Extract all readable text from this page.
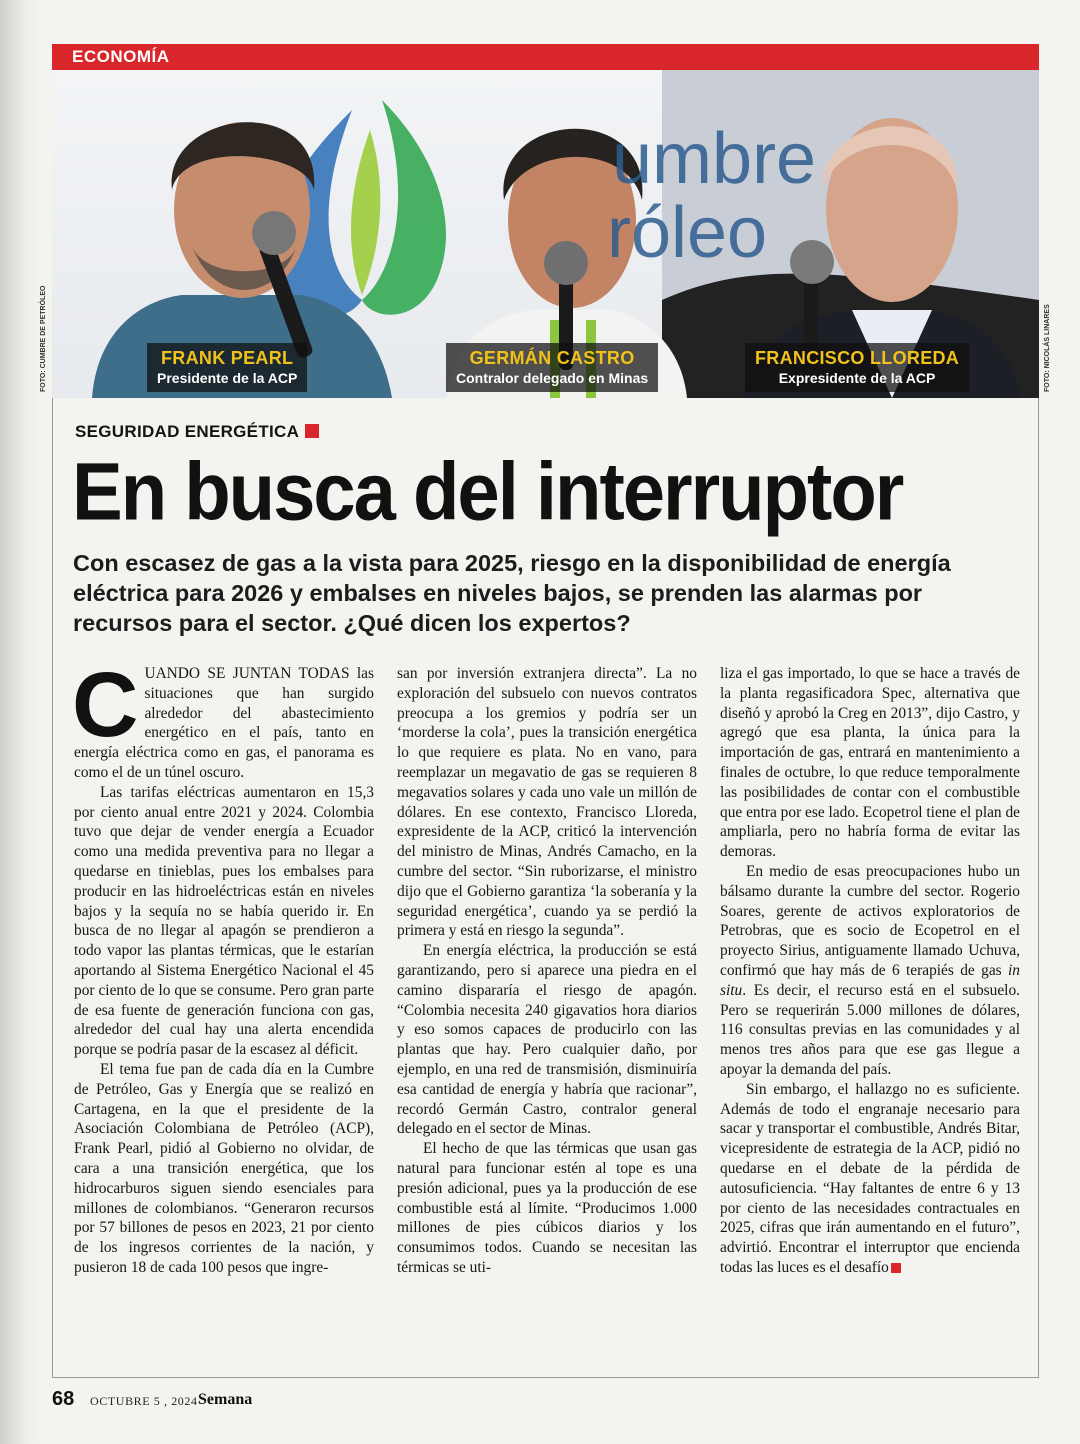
ECONOMÍA
umbre
róleo
FRANK PEARL
Presidente de la ACP
GERMÁN CASTRO
Contralor delegado en Minas
FRANCISCO LLOREDA
Expresidente de la ACP
FOTO: CUMBRE DE PETRÓLEO	FOTO: NICOLÁS LINARES
SEGURIDAD ENERGÉTICA
En busca del interruptor
Con escasez de gas a la vista para 2025, riesgo en la disponibilidad de energía eléctrica para 2026 y embalses en niveles bajos, se prenden las alarmas por recursos para el sector. ¿Qué dicen los expertos?

CUANDO SE JUNTAN TODAS las situaciones que han surgido alrededor del abastecimiento energético en el país, tanto en energía eléctrica como en gas, el panorama es como el de un túnel oscuro.

Las tarifas eléctricas aumentaron en 15,3 por ciento anual entre 2021 y 2024. Colombia tuvo que dejar de vender energía a Ecuador como una medida preventiva para no llegar a quedarse en tinieblas, pues los embalses para producir en las hidroeléctricas están en niveles bajos y la sequía no se había querido ir. En busca de no llegar al apagón se prendieron a todo vapor las plantas térmicas, que le estarían aportando al Sistema Energético Nacional el 45 por ciento de lo que se consume. Pero gran parte de esa fuente de generación funciona con gas, alrededor del cual hay una alerta encendida porque se podría pasar de la escasez al déficit.

El tema fue pan de cada día en la Cumbre de Petróleo, Gas y Energía que se realizó en Cartagena, en la que el presidente de la Asociación Colombiana de Petróleo (ACP), Frank Pearl, pidió al Gobierno no olvidar, de cara a una transición energética, que los hidrocarburos siguen siendo esenciales para millones de colombianos. “Generaron recursos por 57 billones de pesos en 2023, 21 por ciento de los ingresos corrientes de la nación, y pusieron 18 de cada 100 pesos que ingre-

san por inversión extranjera directa”. La no exploración del subsuelo con nuevos contratos preocupa a los gremios y podría ser un ‘morderse la cola’, pues la transición energética lo que requiere es plata. No en vano, para reemplazar un megavatio de gas se requieren 8 megavatios solares y cada uno vale un millón de dólares. En ese contexto, Francisco Lloreda, expresidente de la ACP, criticó la intervención del ministro de Minas, Andrés Camacho, en la cumbre del sector. “Sin ruborizarse, el ministro dijo que el Gobierno garantiza ‘la soberanía y la seguridad energética’, cuando ya se perdió la primera y está en riesgo la segunda”.

En energía eléctrica, la producción se está garantizando, pero si aparece una piedra en el camino dispararía el riesgo de apagón. “Colombia necesita 240 gigavatios hora diarios y eso somos capaces de producirlo con las plantas que hay. Pero cualquier daño, por ejemplo, en una red de transmisión, disminuiría esa cantidad de energía y habría que racionar”, recordó Germán Castro, contralor general delegado en el sector de Minas.

El hecho de que las térmicas que usan gas natural para funcionar estén al tope es una presión adicional, pues ya la producción de ese combustible está al límite. “Producimos 1.000 millones de pies cúbicos diarios y los consumimos todos. Cuando se necesitan las térmicas se uti-

liza el gas importado, lo que se hace a través de la planta regasificadora Spec, alternativa que diseñó y aprobó la Creg en 2013”, dijo Castro, y agregó que esa planta, la única para la importación de gas, entrará en mantenimiento a finales de octubre, lo que reduce temporalmente las posibilidades de contar con el combustible que entra por ese lado. Ecopetrol tiene el plan de ampliarla, pero no habría forma de evitar las demoras.

En medio de esas preocupaciones hubo un bálsamo durante la cumbre del sector. Rogerio Soares, gerente de activos exploratorios de Petrobras, que es socio de Ecopetrol en el proyecto Sirius, antiguamente llamado Uchuva, confirmó que hay más de 6 terapiés de gas in situ. Es decir, el recurso está en el subsuelo. Pero se requerirán 5.000 millones de dólares, 116 consultas previas en las comunidades y al menos tres años para que ese gas llegue a apoyar la demanda del país.

Sin embargo, el hallazgo no es suficiente. Además de todo el engranaje necesario para sacar y transportar el combustible, Andrés Bitar, vicepresidente de estrategia de la ACP, pidió no quedarse en el debate de la pérdida de autosuficiencia. “Hay faltantes de entre 6 y 13 por ciento de las necesidades contractuales en 2025, cifras que irán aumentando en el futuro”, advirtió. Encontrar el interruptor que encienda todas las luces es el desafío

68 OCTUBRE 5 , 2024 Semana
